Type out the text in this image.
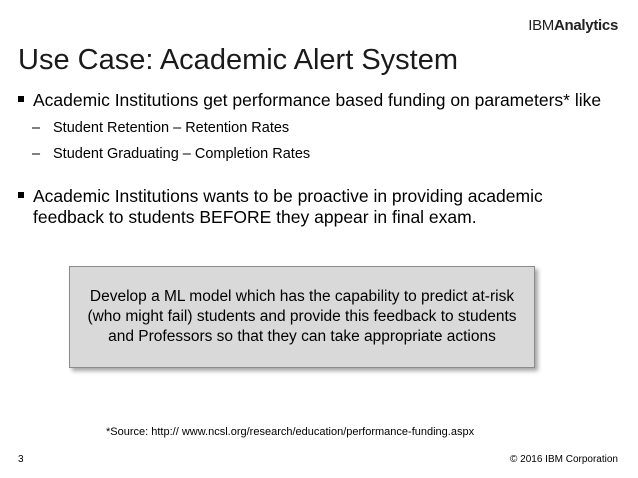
IBMAnalytics
Use Case: Academic Alert System
Academic Institutions get performance based funding on parameters* like
– Student Retention – Retention Rates
– Student Graduating – Completion Rates
Academic Institutions wants to be proactive in providing academic feedback to students BEFORE they appear in final exam.
Develop a ML model which has the capability to predict at-risk (who might fail) students and provide this feedback to students and Professors so that they can take appropriate actions
*Source: http:// www.ncsl.org/research/education/performance-funding.aspx
3	© 2016 IBM Corporation
